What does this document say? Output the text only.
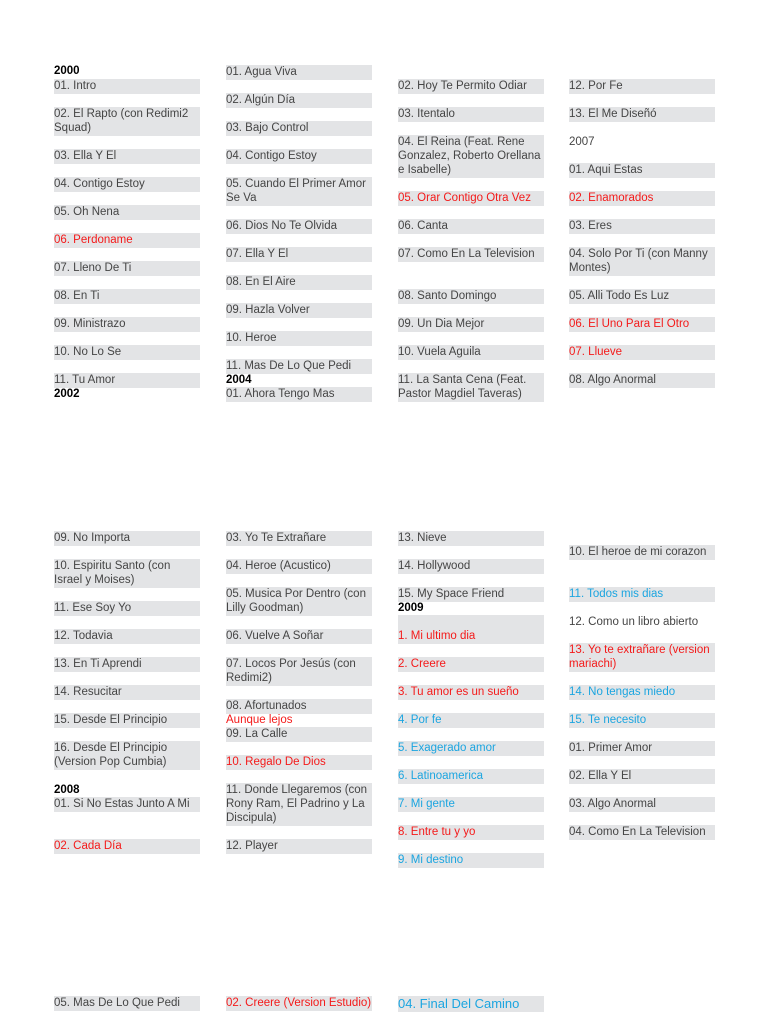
2000
01. Intro
02. El Rapto (con Redimi2 Squad)
03. Ella Y El
04. Contigo Estoy
05. Oh Nena
06. Perdoname
07. Lleno De Ti
08. En Ti
09. Ministrazo
10. No Lo Se
11. Tu Amor
2002
01. Agua Viva
02. Algún Día
03. Bajo Control
04. Contigo Estoy
05. Cuando El Primer Amor Se Va
06. Dios No Te Olvida
07. Ella Y El
08. En El Aire
09. Hazla Volver
10. Heroe
11. Mas De Lo Que Pedi
2004
01. Ahora Tengo Mas
02. Hoy Te Permito Odiar
03. Itentalo
04. El Reina (Feat. Rene Gonzalez, Roberto Orellana e Isabelle)
05. Orar Contigo Otra Vez
06. Canta
07. Como En La Television
08. Santo Domingo
09. Un Dia Mejor
10. Vuela Aguila
11. La Santa Cena (Feat. Pastor Magdiel Taveras)
12. Por Fe
13. El Me Diseñó
2007
01. Aqui Estas
02. Enamorados
03. Eres
04. Solo Por Ti (con Manny Montes)
05. Alli Todo Es Luz
06. El Uno Para El Otro
07. Llueve
08. Algo Anormal
09. No Importa
10. Espiritu Santo (con Israel y Moises)
11. Ese Soy Yo
12. Todavia
13. En Ti Aprendi
14. Resucitar
15. Desde El Principio
16. Desde El Principio (Version Pop Cumbia)
2008
01. Si No Estas Junto A Mi
02. Cada Día
03. Yo Te Extrañare
04. Heroe (Acustico)
05. Musica Por Dentro (con Lilly Goodman)
06. Vuelve A Soñar
07. Locos Por Jesús (con Redimi2)
08. Afortunados
Aunque lejos
09. La Calle
10. Regalo De Dios
11. Donde Llegaremos (con Rony Ram, El Padrino y La Discipula)
12. Player
13. Nieve
14. Hollywood
15. My Space Friend
2009
1. Mi ultimo dia
2. Creere
3. Tu amor es un sueño
4. Por fe
5. Exagerado amor
6. Latinoamerica
7. Mi gente
8. Entre tu y yo
9. Mi destino
10. El heroe de mi corazon
11. Todos mis dias
12. Como un libro abierto
13. Yo te extrañare (version mariachi)
14. No tengas miedo
15. Te necesito
01. Primer Amor
02. Ella Y El
03. Algo Anormal
04. Como En La Television
05. Mas De Lo Que Pedi	02. Creere (Version Estudio) 04. Final Del Camino
